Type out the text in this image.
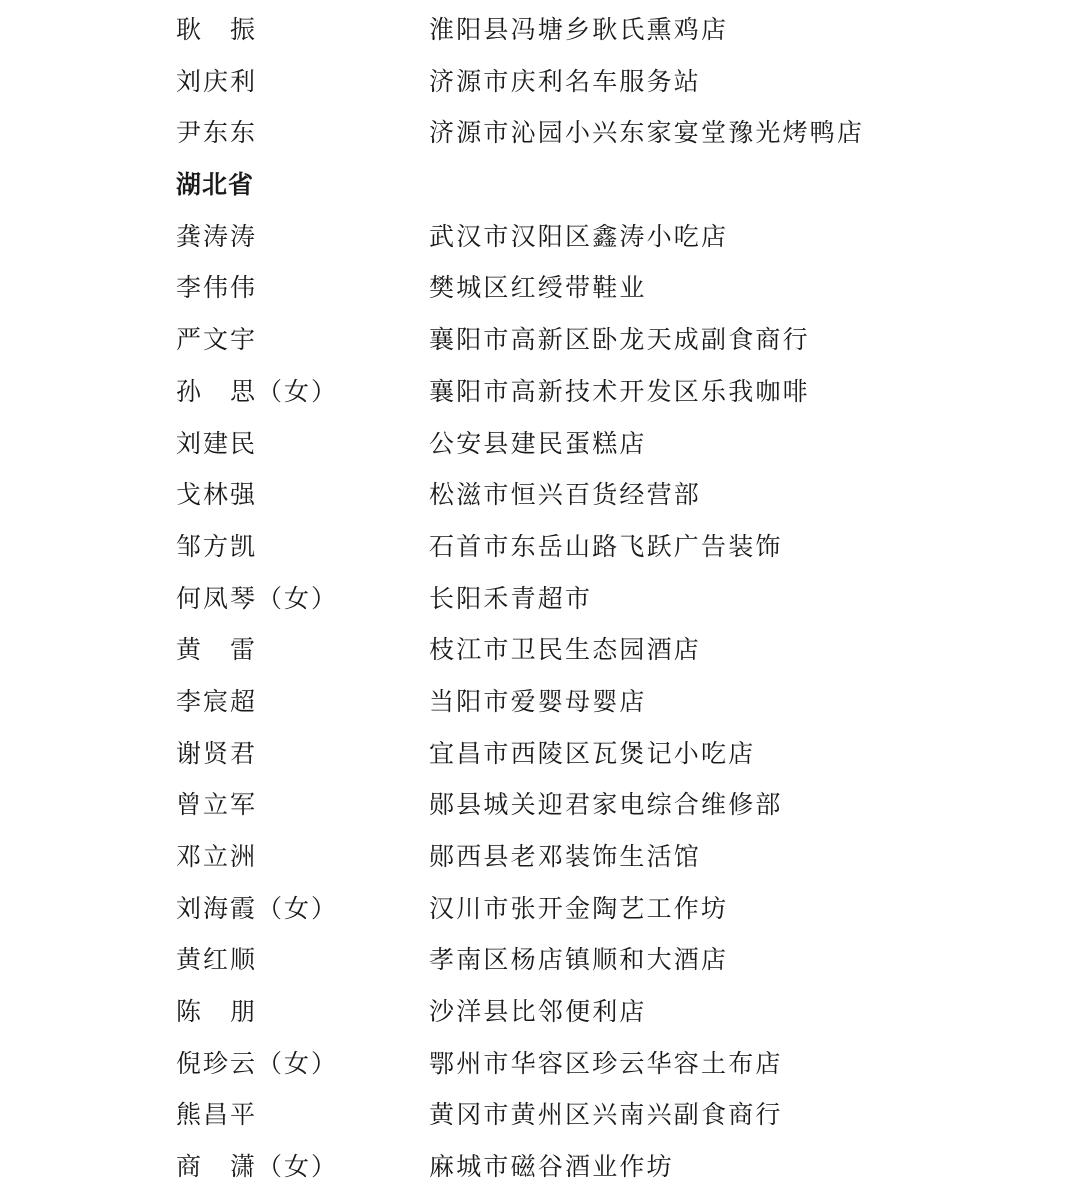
耿　振	淮阳县冯塘乡耿氏熏鸡店
刘庆利	济源市庆利名车服务站
尹东东	济源市沁园小兴东家宴堂豫光烤鸭店
湖北省
龚涛涛	武汉市汉阳区鑫涛小吃店
李伟伟	樊城区红绶带鞋业
严文宇	襄阳市高新区卧龙天成副食商行
孙　思（女）	襄阳市高新技术开发区乐我咖啡
刘建民	公安县建民蛋糕店
戈林强	松滋市恒兴百货经营部
邹方凯	石首市东岳山路飞跃广告装饰
何凤琴（女）	长阳禾青超市
黄　雷	枝江市卫民生态园酒店
李宸超	当阳市爱婴母婴店
谢贤君	宜昌市西陵区瓦煲记小吃店
曾立军	郧县城关迎君家电综合维修部
邓立洲	郧西县老邓装饰生活馆
刘海霞（女）	汉川市张开金陶艺工作坊
黄红顺	孝南区杨店镇顺和大酒店
陈　朋	沙洋县比邻便利店
倪珍云（女）	鄂州市华容区珍云华容土布店
熊昌平	黄冈市黄州区兴南兴副食商行
商　潇（女）	麻城市磁谷酒业作坊
